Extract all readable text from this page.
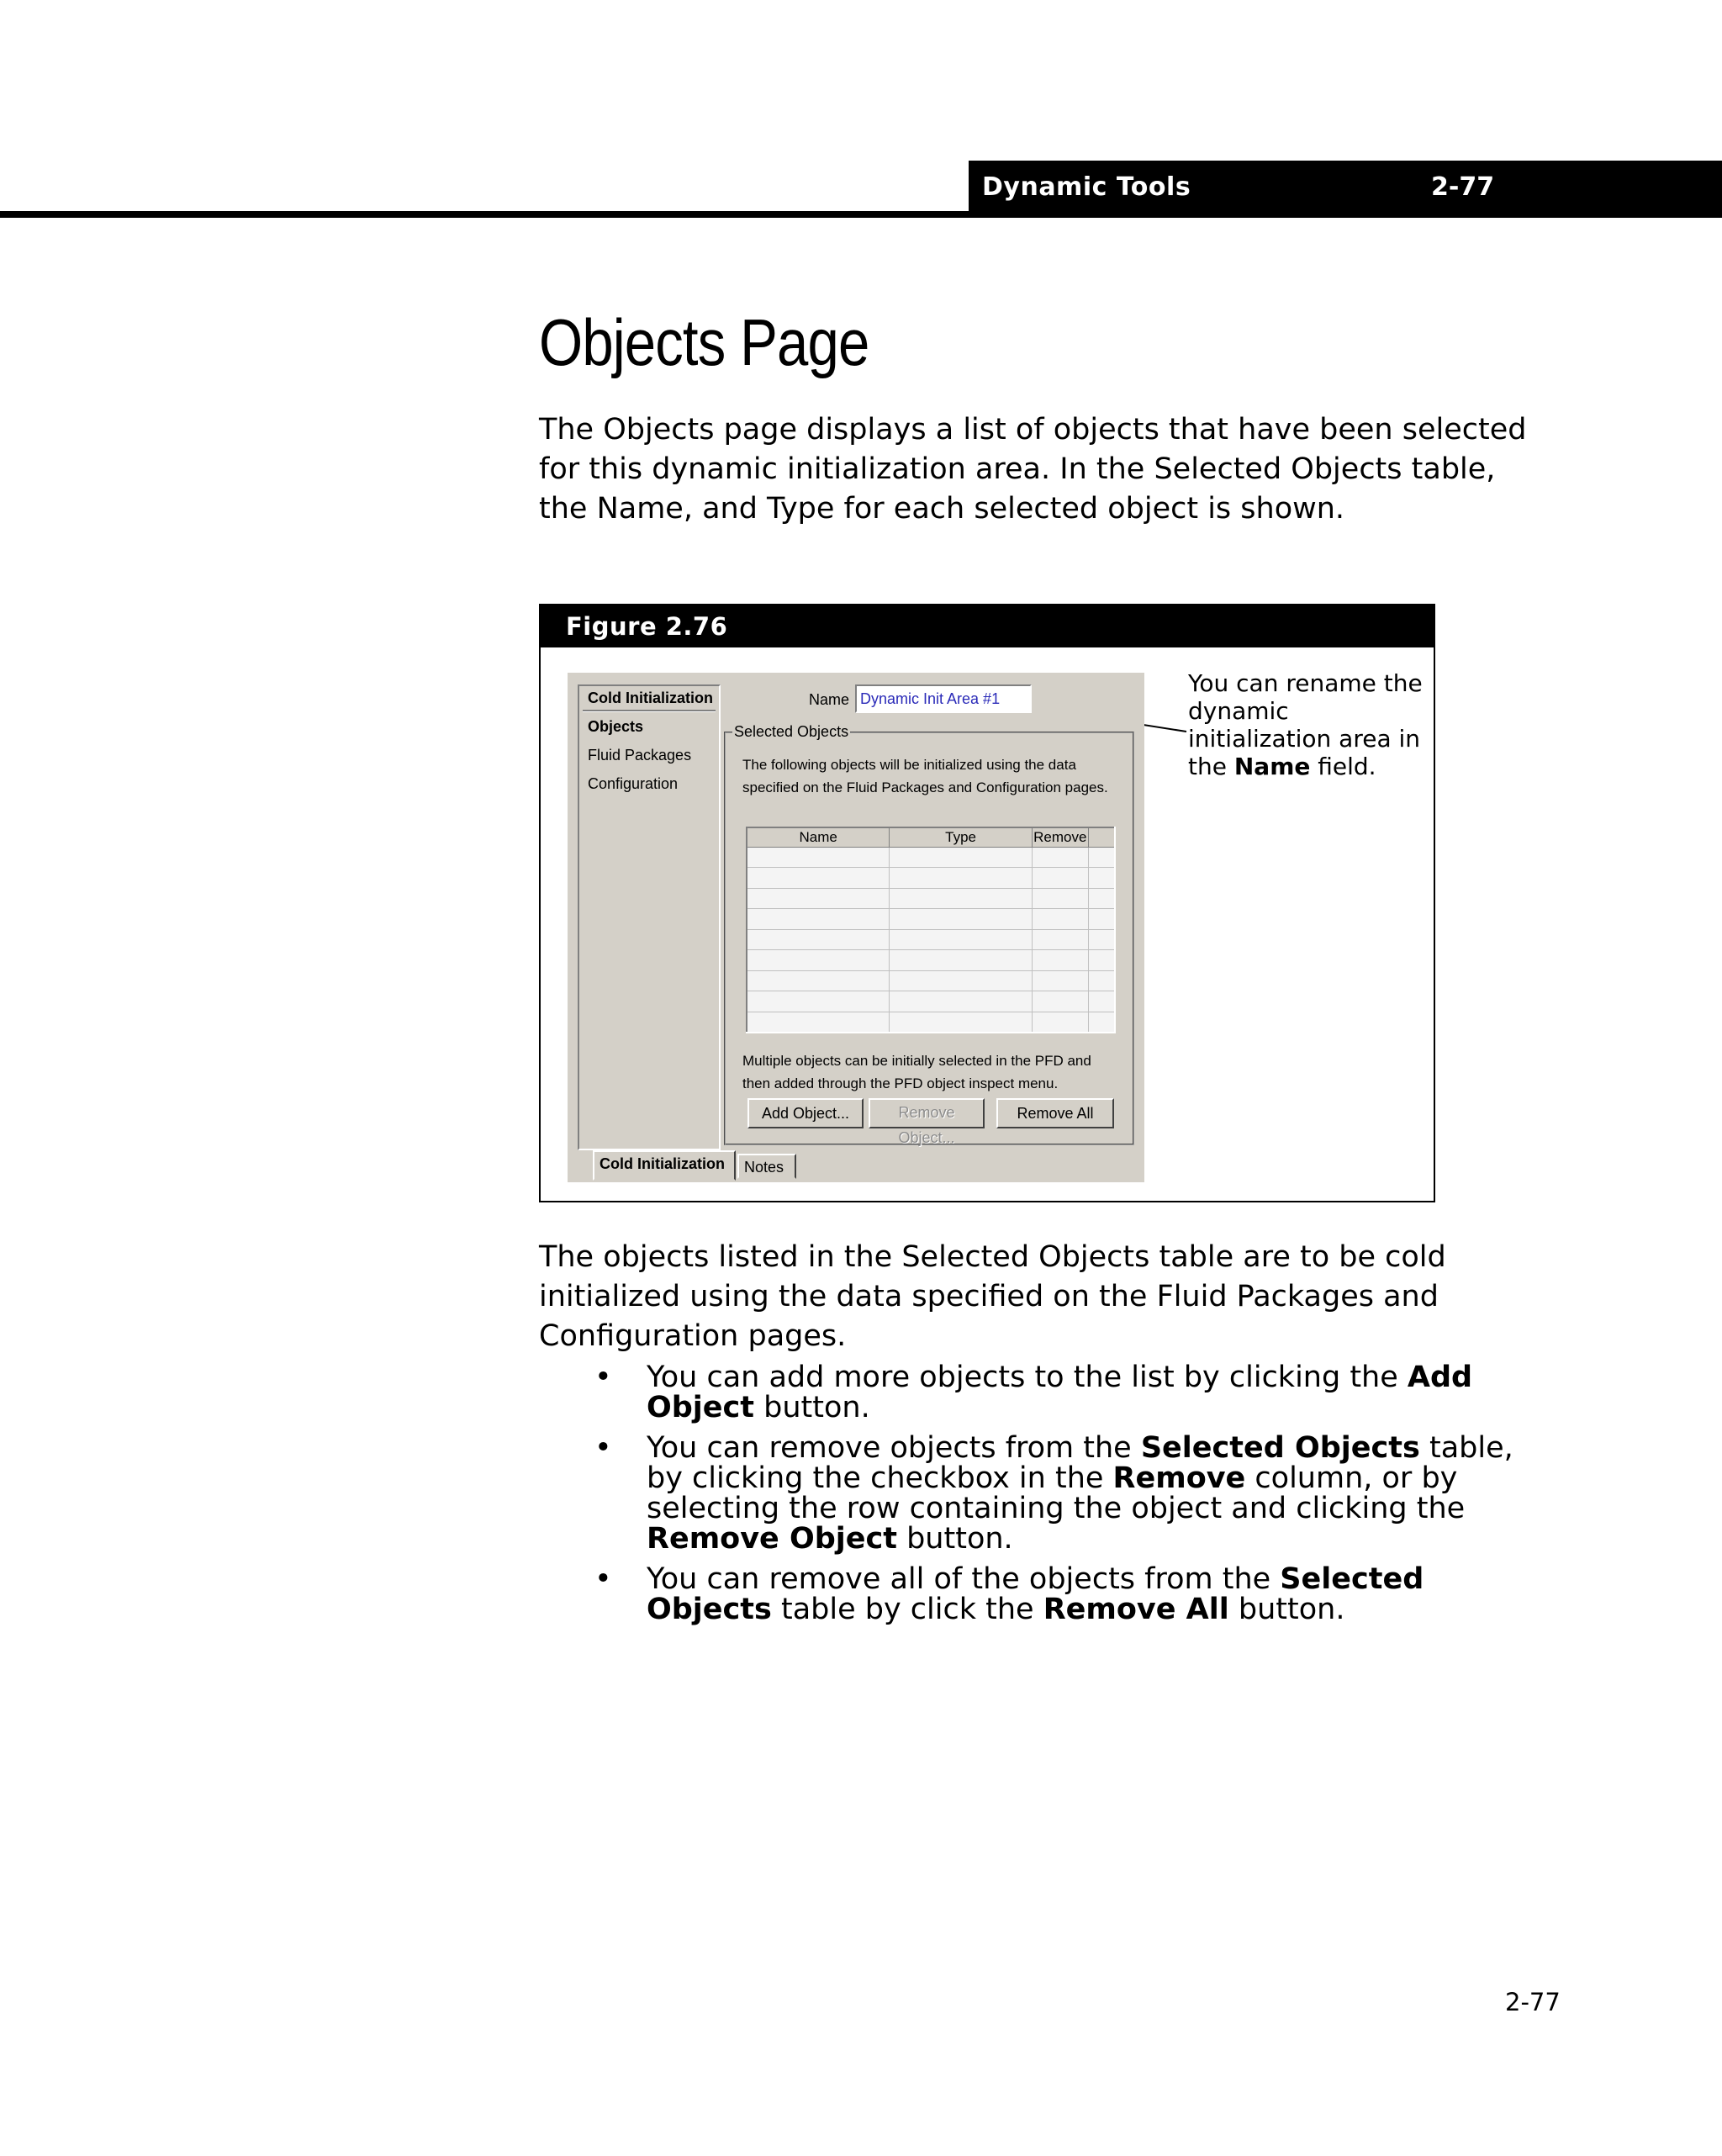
Dynamic Tools	2-77
Objects Page

The Objects page displays a list of objects that have been selected for this dynamic initialization area. In the Selected Objects table, the Name, and Type for each selected object is shown.

Figure 2.76

You can rename the dynamic initialization area in the Name field.

Cold Initialization
Objects
Fluid Packages
Configuration
Name
Dynamic Init Area #1
Selected Objects

The following objects will be initialized using the data specified on the Fluid Packages and Configuration pages.

Name	Type	Remove	

Multiple objects can be initially selected in the PFD and then added through the PFD object inspect menu.

Add Object...	Remove Object...
Remove All
Cold Initialization	Notes

The objects listed in the Selected Objects table are to be cold initialized using the data specified on the Fluid Packages and Configuration pages.

• You can add more objects to the list by clicking the Add Object button.
• You can remove objects from the Selected Objects table, by clicking the checkbox in the Remove column, or by selecting the row containing the object and clicking the Remove Object button.
• You can remove all of the objects from the Selected Objects table by click the Remove All button.
2-77
